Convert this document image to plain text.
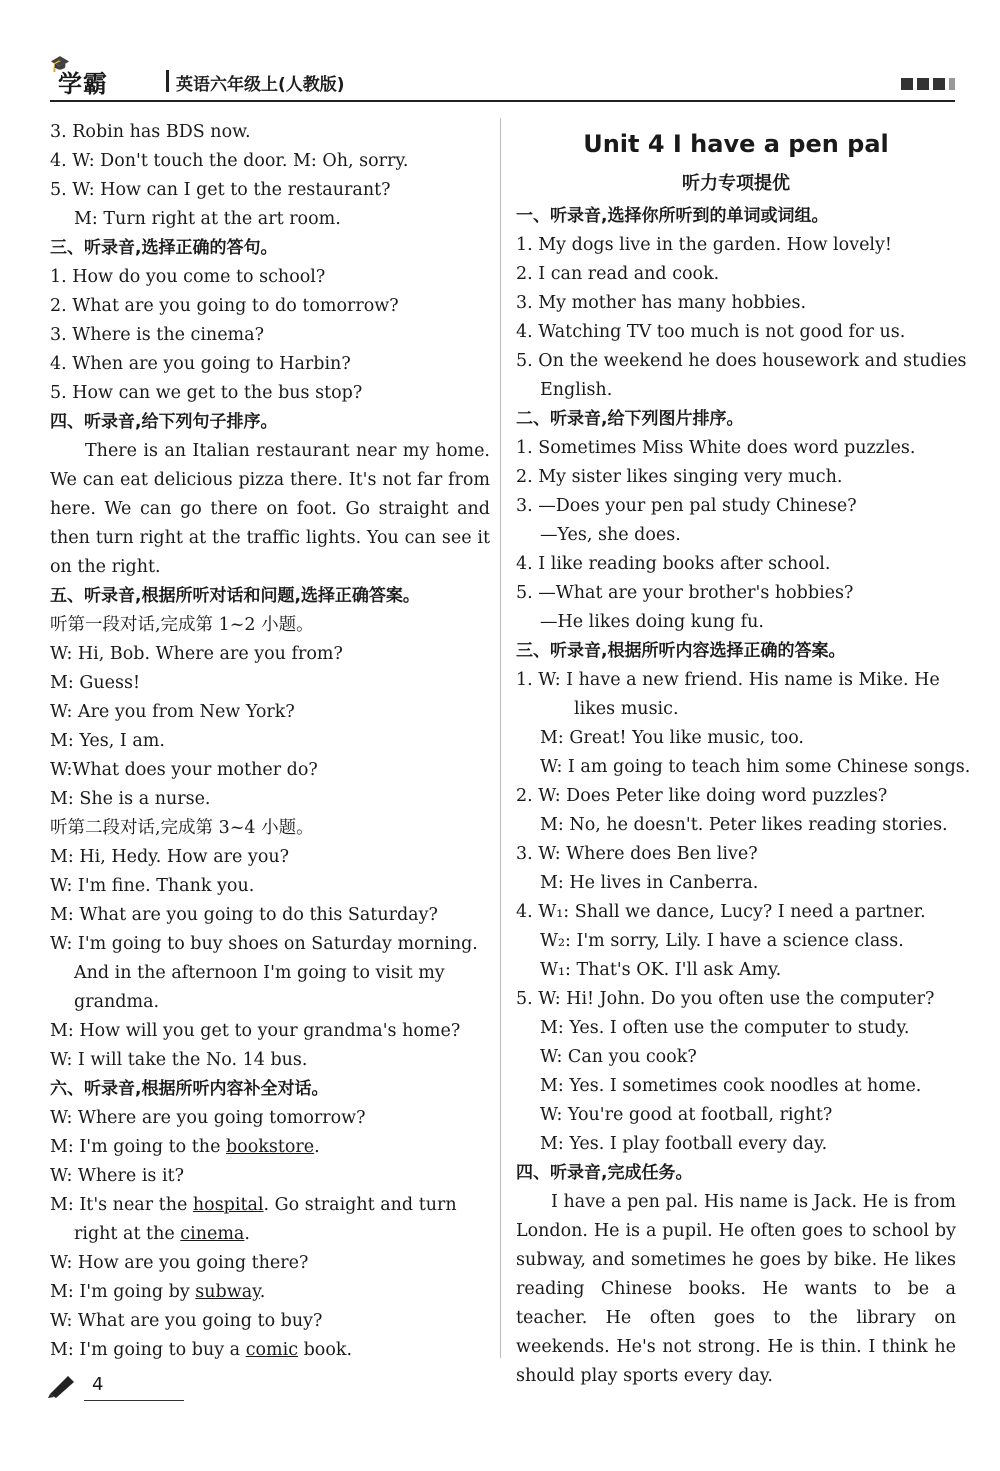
🎓
学霸	英语六年级上(人教版)
3. Robin has BDS now.
4. W: Don't touch the door. M: Oh, sorry.
5. W: How can I get to the restaurant?
M: Turn right at the art room.
三、听录音,选择正确的答句。
1. How do you come to school?
2. What are you going to do tomorrow?
3. Where is the cinema?
4. When are you going to Harbin?
5. How can we get to the bus stop?
四、听录音,给下列句子排序。
There is an Italian restaurant near my home. We can eat delicious pizza there. It's not far from here. We can go there on foot. Go straight and then turn right at the traffic lights. You can see it on the right.
五、听录音,根据所听对话和问题,选择正确答案。
听第一段对话,完成第 1~2 小题。
W: Hi, Bob. Where are you from?
M: Guess!
W: Are you from New York?
M: Yes, I am.
W:What does your mother do?
M: She is a nurse.
听第二段对话,完成第 3~4 小题。
M: Hi, Hedy. How are you?
W: I'm fine. Thank you.
M: What are you going to do this Saturday?
W: I'm going to buy shoes on Saturday morning.
And in the afternoon I'm going to visit my
grandma.
M: How will you get to your grandma's home?
W: I will take the No. 14 bus.
六、听录音,根据所听内容补全对话。
W: Where are you going tomorrow?
M: I'm going to the bookstore.
W: Where is it?
M: It's near the hospital. Go straight and turn
right at the cinema.
W: How are you going there?
M: I'm going by subway.
W: What are you going to buy?
M: I'm going to buy a comic book.
Unit 4 I have a pen pal
听力专项提优
一、听录音,选择你所听到的单词或词组。
1. My dogs live in the garden. How lovely!
2. I can read and cook.
3. My mother has many hobbies.
4. Watching TV too much is not good for us.
5. On the weekend he does housework and studies
English.
二、听录音,给下列图片排序。
1. Sometimes Miss White does word puzzles.
2. My sister likes singing very much.
3. —Does your pen pal study Chinese?
—Yes, she does.
4. I like reading books after school.
5. —What are your brother's hobbies?
—He likes doing kung fu.
三、听录音,根据所听内容选择正确的答案。
1. W: I have a new friend. His name is Mike. He
likes music.
M: Great! You like music, too.
W: I am going to teach him some Chinese songs.
2. W: Does Peter like doing word puzzles?
M: No, he doesn't. Peter likes reading stories.
3. W: Where does Ben live?
M: He lives in Canberra.
4. W₁: Shall we dance, Lucy? I need a partner.
W₂: I'm sorry, Lily. I have a science class.
W₁: That's OK. I'll ask Amy.
5. W: Hi! John. Do you often use the computer?
M: Yes. I often use the computer to study.
W: Can you cook?
M: Yes. I sometimes cook noodles at home.
W: You're good at football, right?
M: Yes. I play football every day.
四、听录音,完成任务。
I have a pen pal. His name is Jack. He is from London. He is a pupil. He often goes to school by subway, and sometimes he goes by bike. He likes reading Chinese books. He wants to be a teacher. He often goes to the library on weekends. He's not strong. He is thin. I think he should play sports every day.
4
